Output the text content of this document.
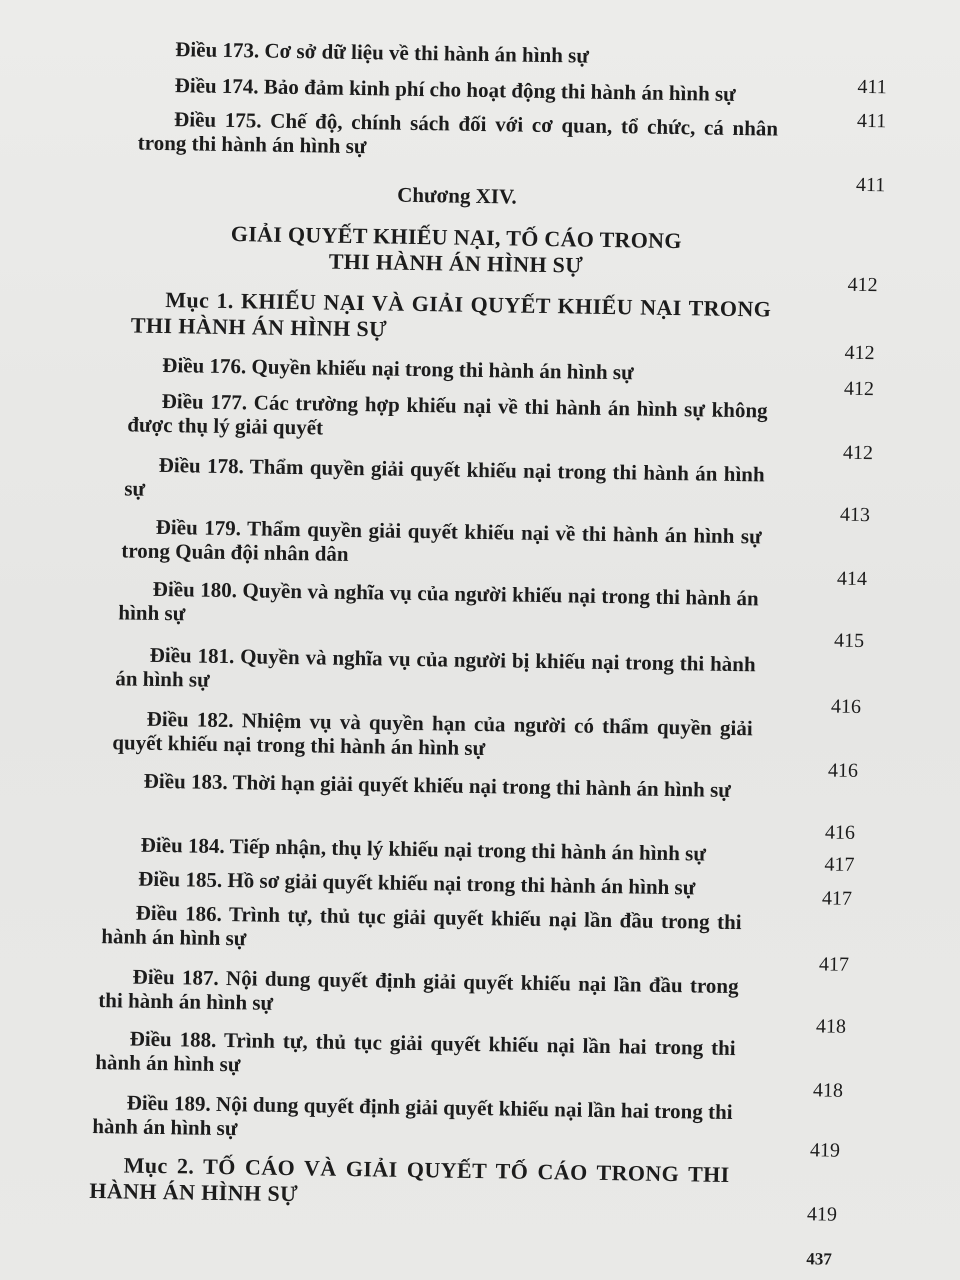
Điều 173. Cơ sở dữ liệu về thi hành án hình sự
411
Điều 174. Bảo đảm kinh phí cho hoạt động thi hành án hình sự
411
Điều 175. Chế độ, chính sách đối với cơ quan, tổ chức, cá nhân trong thi hành án hình sự
411
Chương XIV.
GIẢI QUYẾT KHIẾU NẠI, TỐ CÁO TRONG
THI HÀNH ÁN HÌNH SỰ
412
Mục 1. KHIẾU NẠI VÀ GIẢI QUYẾT KHIẾU NẠI TRONG THI HÀNH ÁN HÌNH SỰ
412
Điều 176. Quyền khiếu nại trong thi hành án hình sự
412
Điều 177. Các trường hợp khiếu nại về thi hành án hình sự không được thụ lý giải quyết
412
Điều 178. Thẩm quyền giải quyết khiếu nại trong thi hành án hình sự
413
Điều 179. Thẩm quyền giải quyết khiếu nại về thi hành án hình sự trong Quân đội nhân dân
414
Điều 180. Quyền và nghĩa vụ của người khiếu nại trong thi hành án hình sự
415
Điều 181. Quyền và nghĩa vụ của người bị khiếu nại trong thi hành án hình sự
416
Điều 182. Nhiệm vụ và quyền hạn của người có thẩm quyền giải quyết khiếu nại trong thi hành án hình sự
416
Điều 183. Thời hạn giải quyết khiếu nại trong thi hành án hình sự
416
Điều 184. Tiếp nhận, thụ lý khiếu nại trong thi hành án hình sự	417
Điều 185. Hồ sơ giải quyết khiếu nại trong thi hành án hình sự	417
Điều 186. Trình tự, thủ tục giải quyết khiếu nại lần đầu trong thi hành án hình sự
417
Điều 187. Nội dung quyết định giải quyết khiếu nại lần đầu trong thi hành án hình sự
418
Điều 188. Trình tự, thủ tục giải quyết khiếu nại lần hai trong thi hành án hình sự
418
Điều 189. Nội dung quyết định giải quyết khiếu nại lần hai trong thi hành án hình sự
419
Mục 2. TỐ CÁO VÀ GIẢI QUYẾT TỐ CÁO TRONG THI HÀNH ÁN HÌNH SỰ
419
437
